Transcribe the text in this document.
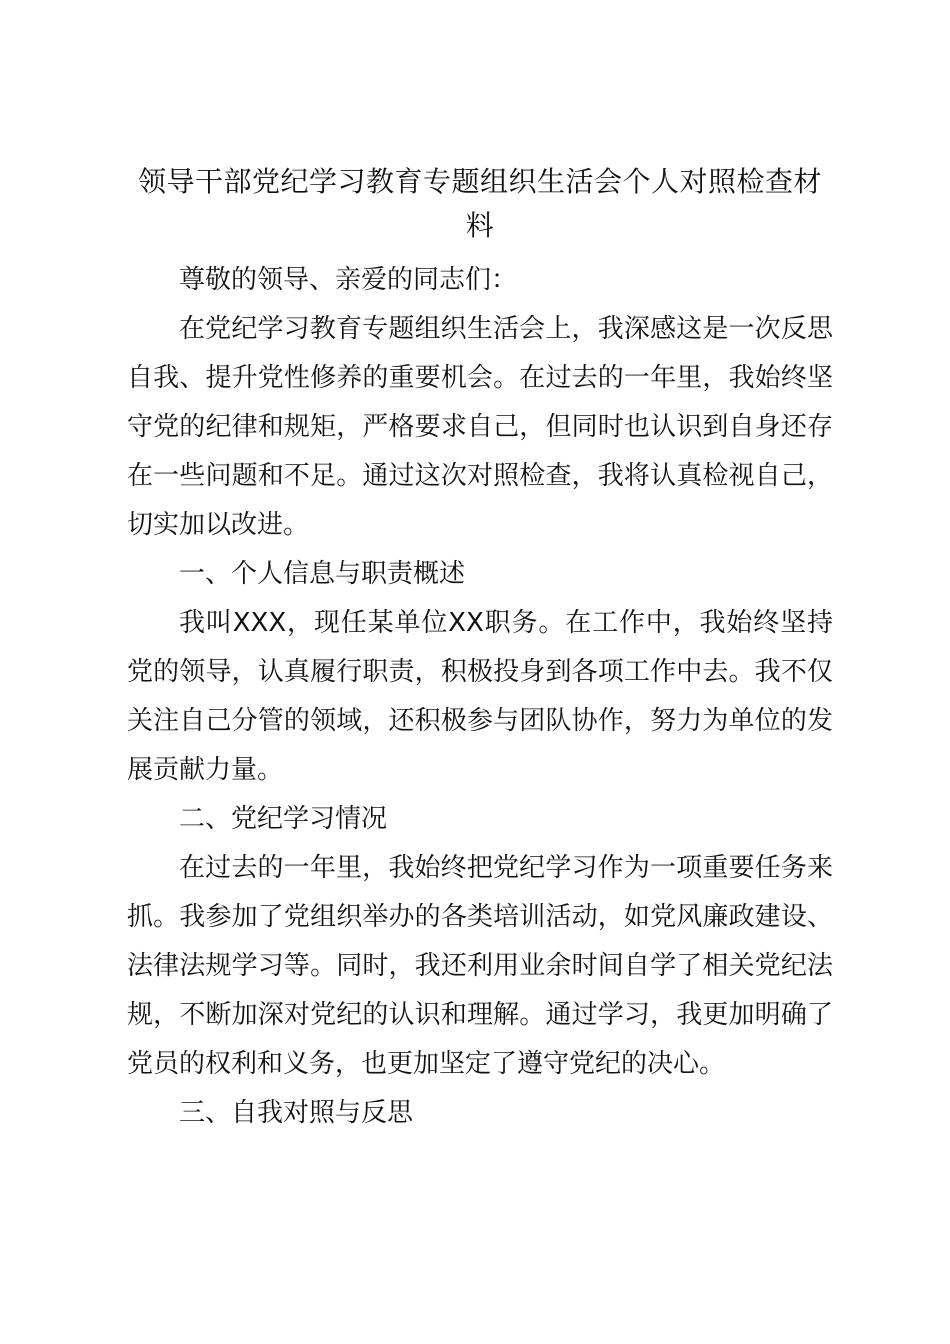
领导干部党纪学习教育专题组织生活会个人对照检查材料

尊敬的领导、亲爱的同志们：

在党纪学习教育专题组织生活会上，我深感这是一次反思自我、提升党性修养的重要机会。在过去的一年里，我始终坚守党的纪律和规矩，严格要求自己，但同时也认识到自身还存在一些问题和不足。通过这次对照检查，我将认真检视自己，切实加以改进。

一、个人信息与职责概述

我叫XXX，现任某单位XX职务。在工作中，我始终坚持党的领导，认真履行职责，积极投身到各项工作中去。我不仅关注自己分管的领域，还积极参与团队协作，努力为单位的发展贡献力量。

二、党纪学习情况

在过去的一年里，我始终把党纪学习作为一项重要任务来抓。我参加了党组织举办的各类培训活动，如党风廉政建设、法律法规学习等。同时，我还利用业余时间自学了相关党纪法规，不断加深对党纪的认识和理解。通过学习，我更加明确了党员的权利和义务，也更加坚定了遵守党纪的决心。

三、自我对照与反思
